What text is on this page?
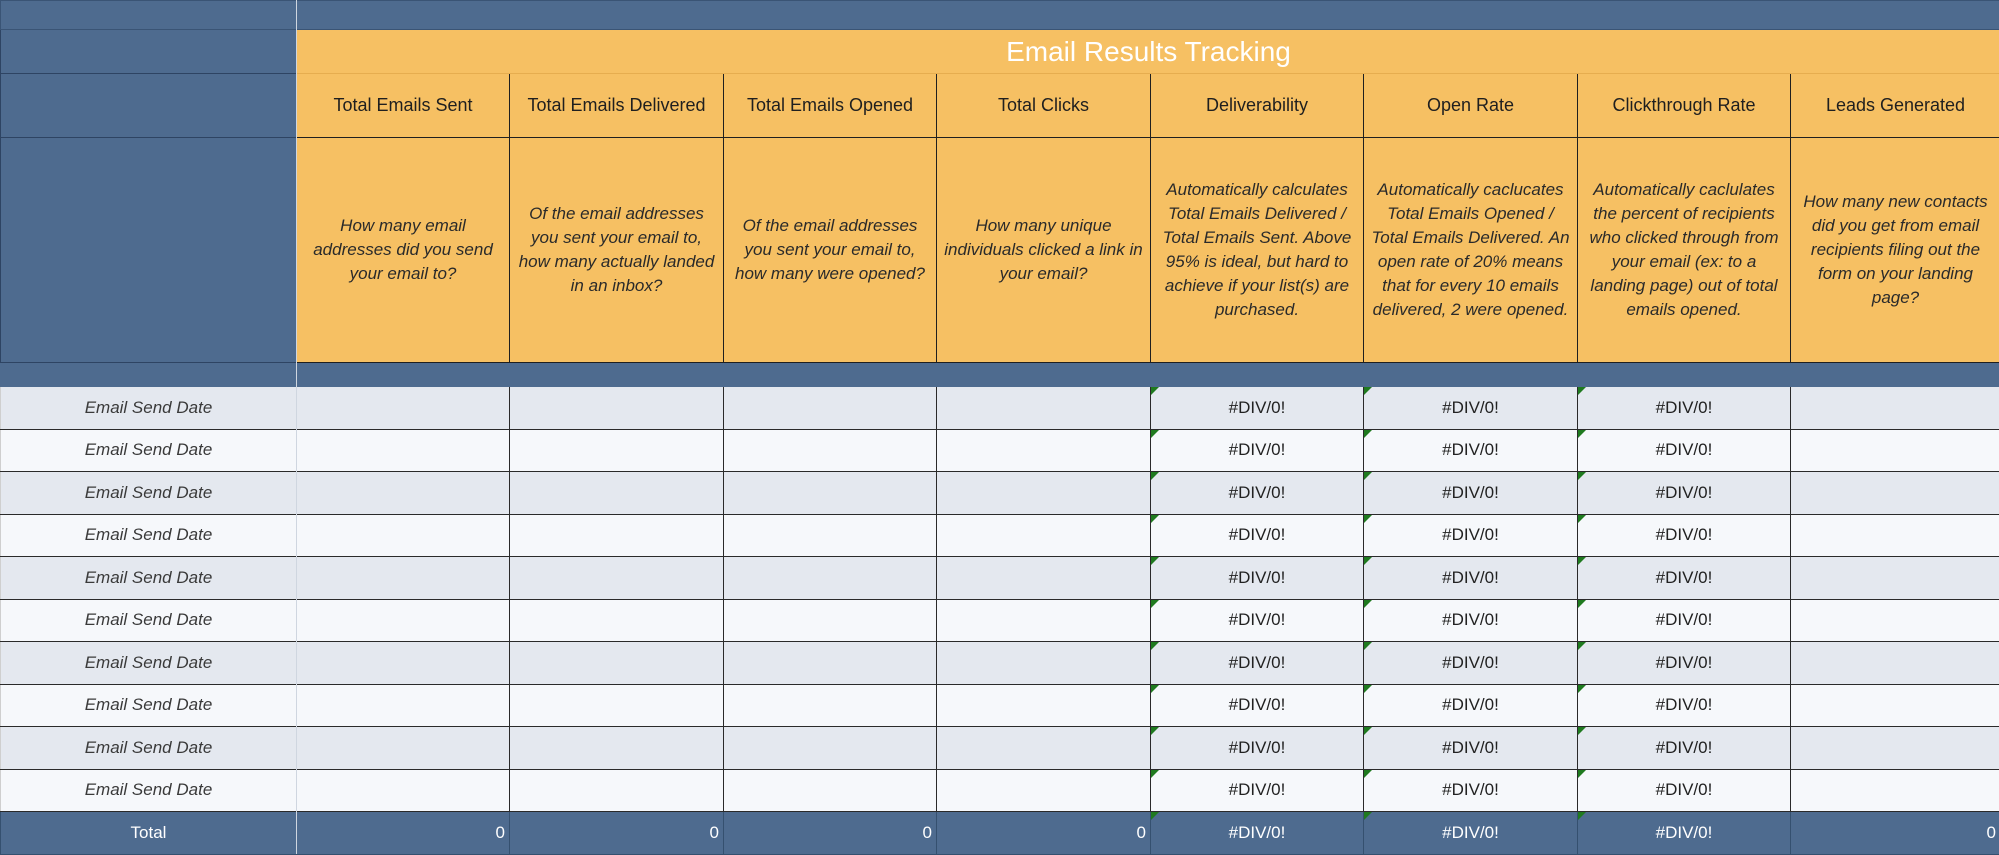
	Email Results Tracking							
	Total Emails Sent	Total Emails Delivered	Total Emails Opened	Total Clicks	Deliverability	Open Rate	Clickthrough Rate	Leads Generated
	How many email addresses did you send your email to?	Of the email addresses you sent your email to, how many actually landed in an inbox?	Of the email addresses you sent your email to, how many were opened?	How many unique individuals clicked a link in your email?	Automatically calculates Total Emails Delivered / Total Emails Sent. Above 95% is ideal, but hard to achieve if your list(s) are purchased.	Automatically caclucates Total Emails Opened / Total Emails Delivered. An open rate of 20% means that for every 10 emails delivered, 2 were opened.	Automatically caclulates the percent of recipients who clicked through from your email (ex: to a landing page) out of total emails opened.	How many new contacts did you get from email recipients filing out the form on your landing page?

Email Send Date					#DIV/0!	#DIV/0!	#DIV/0!	
Email Send Date					#DIV/0!	#DIV/0!	#DIV/0!	
Email Send Date					#DIV/0!	#DIV/0!	#DIV/0!	
Email Send Date					#DIV/0!	#DIV/0!	#DIV/0!	
Email Send Date					#DIV/0!	#DIV/0!	#DIV/0!	
Email Send Date					#DIV/0!	#DIV/0!	#DIV/0!	
Email Send Date					#DIV/0!	#DIV/0!	#DIV/0!	
Email Send Date					#DIV/0!	#DIV/0!	#DIV/0!	
Email Send Date					#DIV/0!	#DIV/0!	#DIV/0!	
Email Send Date					#DIV/0!	#DIV/0!	#DIV/0!	
Total	0	0	0	0	#DIV/0!	#DIV/0!	#DIV/0!	0
